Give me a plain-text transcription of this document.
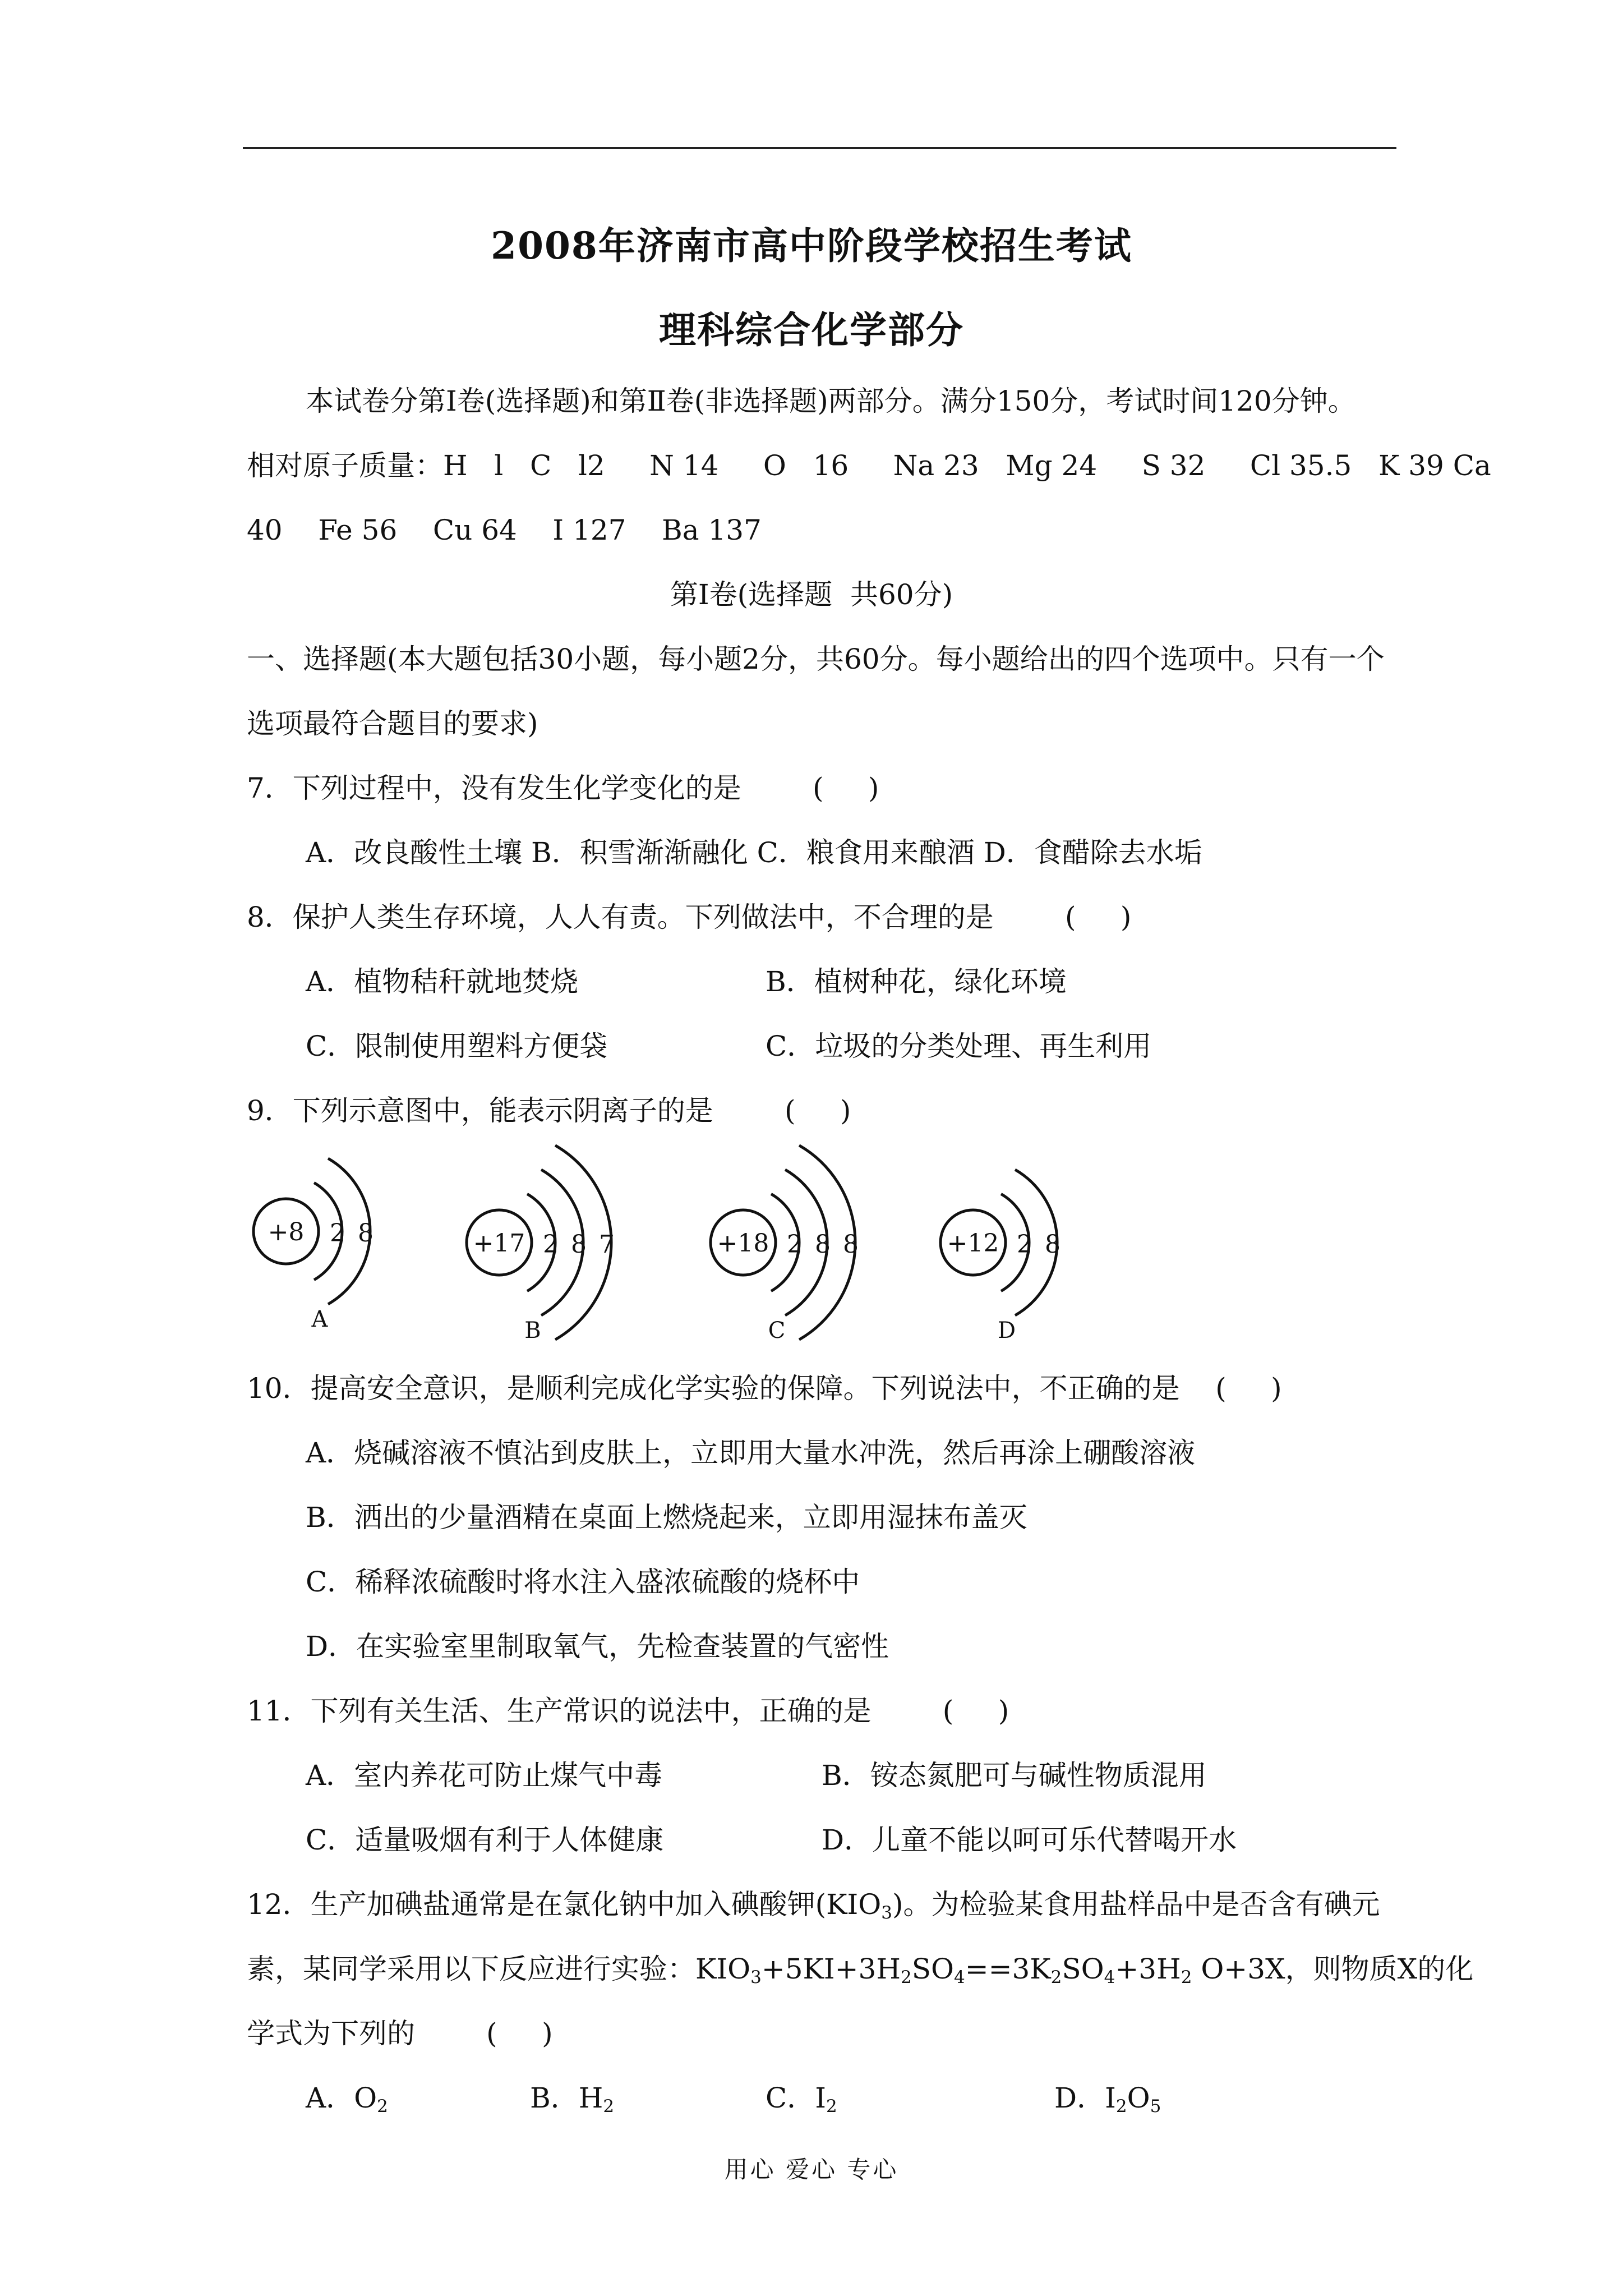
2008年济南市高中阶段学校招生考试
理科综合化学部分
本试卷分第Ⅰ卷(选择题)和第Ⅱ卷(非选择题)两部分。满分150分，考试时间120分钟。
相对原子质量：H   l   C   l2     N 14     O   16     Na 23   Mg 24     S 32     Cl 35.5   K 39 Ca
40    Fe 56    Cu 64    I 127    Ba 137
第Ⅰ卷(选择题  共60分)
一、选择题(本大题包括30小题，每小题2分，共60分。每小题给出的四个选项中。只有一个
选项最符合题目的要求)
7．下列过程中，没有发生化学变化的是        (     )
A．改良酸性土壤 B．积雪渐渐融化 C．粮食用来酿酒 D．食醋除去水垢
8．保护人类生存环境，人人有责。下列做法中，不合理的是        (     )
A．植物秸秆就地焚烧	B．植树种花，绿化环境
C．限制使用塑料方便袋	C．垃圾的分类处理、再生利用
9．下列示意图中，能表示阴离子的是        (     )
+8 2 8
A
+17 2 8 7
B
+18 2 8 8
C
+12 2 8
D
10．提高安全意识，是顺利完成化学实验的保障。下列说法中，不正确的是    (     )
A．烧碱溶液不慎沾到皮肤上，立即用大量水冲洗，然后再涂上硼酸溶液
B．洒出的少量酒精在桌面上燃烧起来，立即用湿抹布盖灭
C．稀释浓硫酸时将水注入盛浓硫酸的烧杯中
D．在实验室里制取氧气，先检查装置的气密性
11．下列有关生活、生产常识的说法中，正确的是        (     )
A．室内养花可防止煤气中毒	B．铵态氮肥可与碱性物质混用
C．适量吸烟有利于人体健康	D．儿童不能以呵可乐代替喝开水
12．生产加碘盐通常是在氯化钠中加入碘酸钾$(KIO_3)$。为检验某食用盐样品中是否含有碘元
素，某同学采用以下反应进行实验：$KIO_3+5KI+3H_2SO_4==3K_2SO_4+3H_2$ O+3X，则物质X的化
学式为下列的        (     )
A．$O_2$	B．$H_2$	C．$I_2$	D．$I_2O_5$
用心 爱心 专心
